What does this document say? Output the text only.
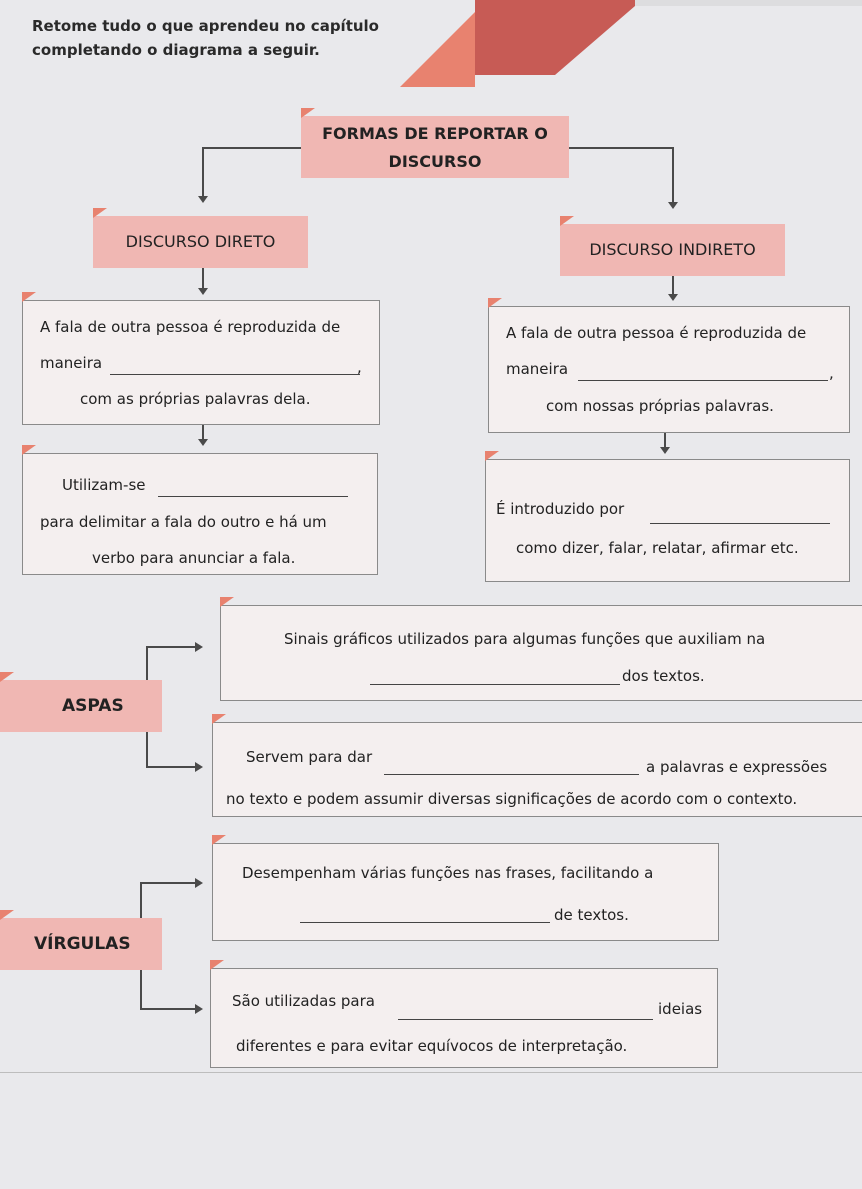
Retome tudo o que aprendeu no capítulo
completando o diagrama a seguir.
FORMAS DE REPORTAR O
DISCURSO
DISCURSO DIRETO	DISCURSO INDIRETO
A fala de outra pessoa é reproduzida de
maneira	,
com as próprias palavras dela.
A fala de outra pessoa é reproduzida de
maneira	,
com nossas próprias palavras.
Utilizam-se
para delimitar a fala do outro e há um
verbo para anunciar a fala.
É introduzido por
como dizer, falar, relatar, afirmar etc.
Sinais gráficos utilizados para algumas funções que auxiliam na
dos textos.
ASPAS
Servem para dar
a palavras e expressões
no texto e podem assumir diversas significações de acordo com o contexto.
Desempenham várias funções nas frases, facilitando a
de textos.
VÍRGULAS
São utilizadas para	ideias
diferentes e para evitar equívocos de interpretação.
